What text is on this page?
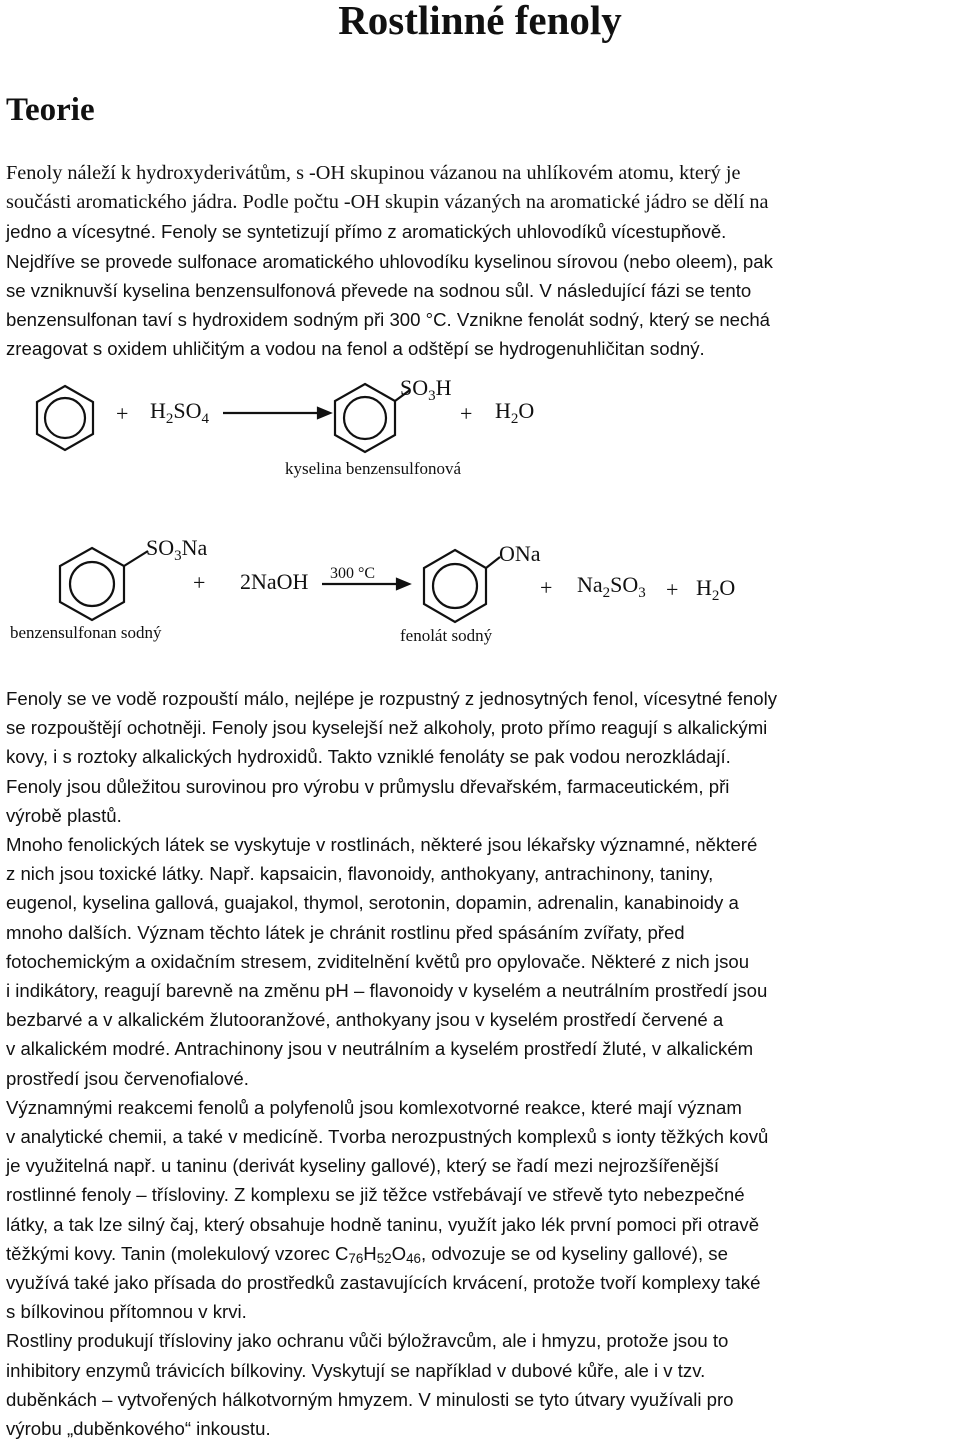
Rostlinné fenoly
Teorie
Fenoly náleží k hydroxyderivátům, s -OH skupinou vázanou na uhlíkovém atomu, který je
součásti aromatického jádra. Podle počtu -OH skupin vázaných na aromatické jádro se dělí na
jedno a vícesytné. Fenoly se syntetizují přímo z aromatických uhlovodíků vícestupňově.
Nejdříve se provede sulfonace aromatického uhlovodíku kyselinou sírovou (nebo oleem), pak
se vzniknuvší kyselina benzensulfonová převede na sodnou sůl. V následující fázi se tento
benzensulfonan taví s hydroxidem sodným při 300 °C. Vznikne fenolát sodný, který se nechá
zreagovat s oxidem uhličitým a vodou na fenol a odštěpí se hydrogenuhličitan sodný.
+ $H_2SO_4$
$SO_3H$
+ $H_2O$
kyselina benzensulfonová
$SO_3Na$
+ 2NaOH 300 °C
ONa
+ $Na_2SO_3 + H_2O$
benzensulfonan sodný	fenolát sodný
Fenoly se ve vodě rozpouští málo, nejlépe je rozpustný z jednosytných fenol, vícesytné fenoly
se rozpouštějí ochotněji. Fenoly jsou kyselejší než alkoholy, proto přímo reagují s alkalickými
kovy, i s roztoky alkalických hydroxidů. Takto vzniklé fenoláty se pak vodou nerozkládají.
Fenoly jsou důležitou surovinou pro výrobu v průmyslu dřevařském, farmaceutickém, při
výrobě plastů.
Mnoho fenolických látek se vyskytuje v rostlinách, některé jsou lékařsky významné, některé
z nich jsou toxické látky. Např. kapsaicin, flavonoidy, anthokyany, antrachinony, taniny,
eugenol, kyselina gallová, guajakol, thymol, serotonin, dopamin, adrenalin, kanabinoidy a
mnoho dalších. Význam těchto látek je chránit rostlinu před spásáním zvířaty, před
fotochemickým a oxidačním stresem, zviditelnění květů pro opylovače. Některé z nich jsou
i indikátory, reagují barevně na změnu pH – flavonoidy v kyselém a neutrálním prostředí jsou
bezbarvé a v alkalickém žlutooranžové, anthokyany jsou v kyselém prostředí červené a
v alkalickém modré. Antrachinony jsou v neutrálním a kyselém prostředí žluté, v alkalickém
prostředí jsou červenofialové.
Významnými reakcemi fenolů a polyfenolů jsou komlexotvorné reakce, které mají význam
v analytické chemii, a také v medicíně. Tvorba nerozpustných komplexů s ionty těžkých kovů
je využitelná např. u taninu (derivát kyseliny gallové), který se řadí mezi nejrozšířenější
rostlinné fenoly – třísloviny. Z komplexu se již těžce vstřebávají ve střevě tyto nebezpečné
látky, a tak lze silný čaj, který obsahuje hodně taninu, využít jako lék první pomoci při otravě
těžkými kovy. Tanin (molekulový vzorec $C_{76}H_{52}O_{46}$, odvozuje se od kyseliny gallové), se
využívá také jako přísada do prostředků zastavujících krvácení, protože tvoří komplexy také
s bílkovinou přítomnou v krvi.
Rostliny produkují třísloviny jako ochranu vůči býložravcům, ale i hmyzu, protože jsou to
inhibitory enzymů trávicích bílkoviny. Vyskytují se například v dubové kůře, ale i v tzv.
duběnkách – vytvořených hálkotvorným hmyzem. V minulosti se tyto útvary využívali pro
výrobu „duběnkového“ inkoustu.
